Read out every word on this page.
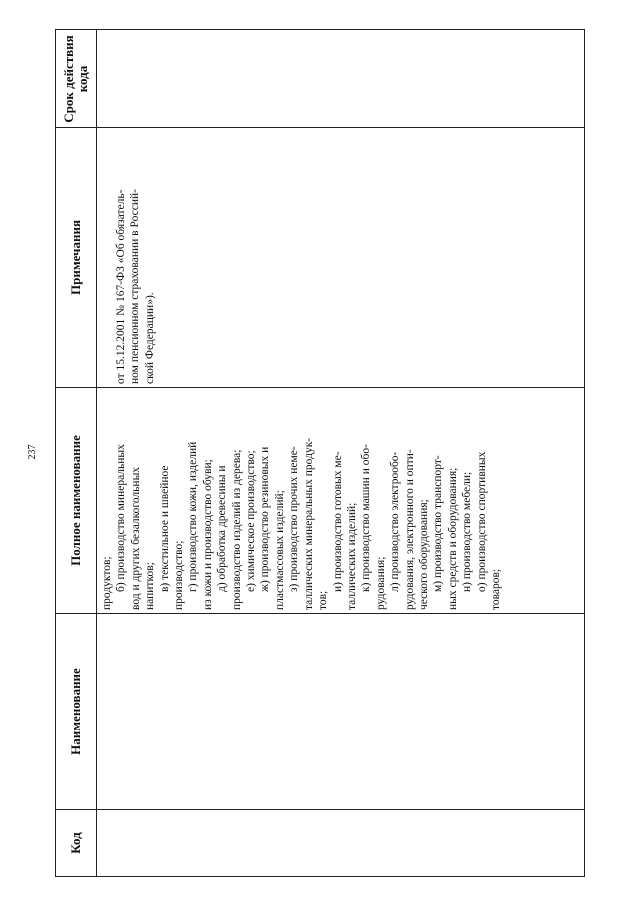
237
Код
Наименование
Полное наименование
Примечания
Срок действия кода
продуктов; б) производство минеральных вод и других безалкогольных напитков; в) текстильное и швейное производство; г) производство кожи, изделий из кожи и производство обуви; д) обработка древесины и производство изделий из дерева; е) химическое производство; ж) производство резиновых и пластмассовых изделий; з) производство прочих неме- таллических минеральных продук- тов;
и) производство готовых ме- таллических изделий; к) производство машин и обо- рудования; л) производство электрообо- рудования, электронного и опти- ческого оборудования; м) производство транспорт- ных средств и оборудования; н) производство мебели; о) производство спортивных товаров;
от 15.12.2001 № 167-ФЗ «Об обязатель- ном пенсионном страховании в Россий- ской Федерации»).
